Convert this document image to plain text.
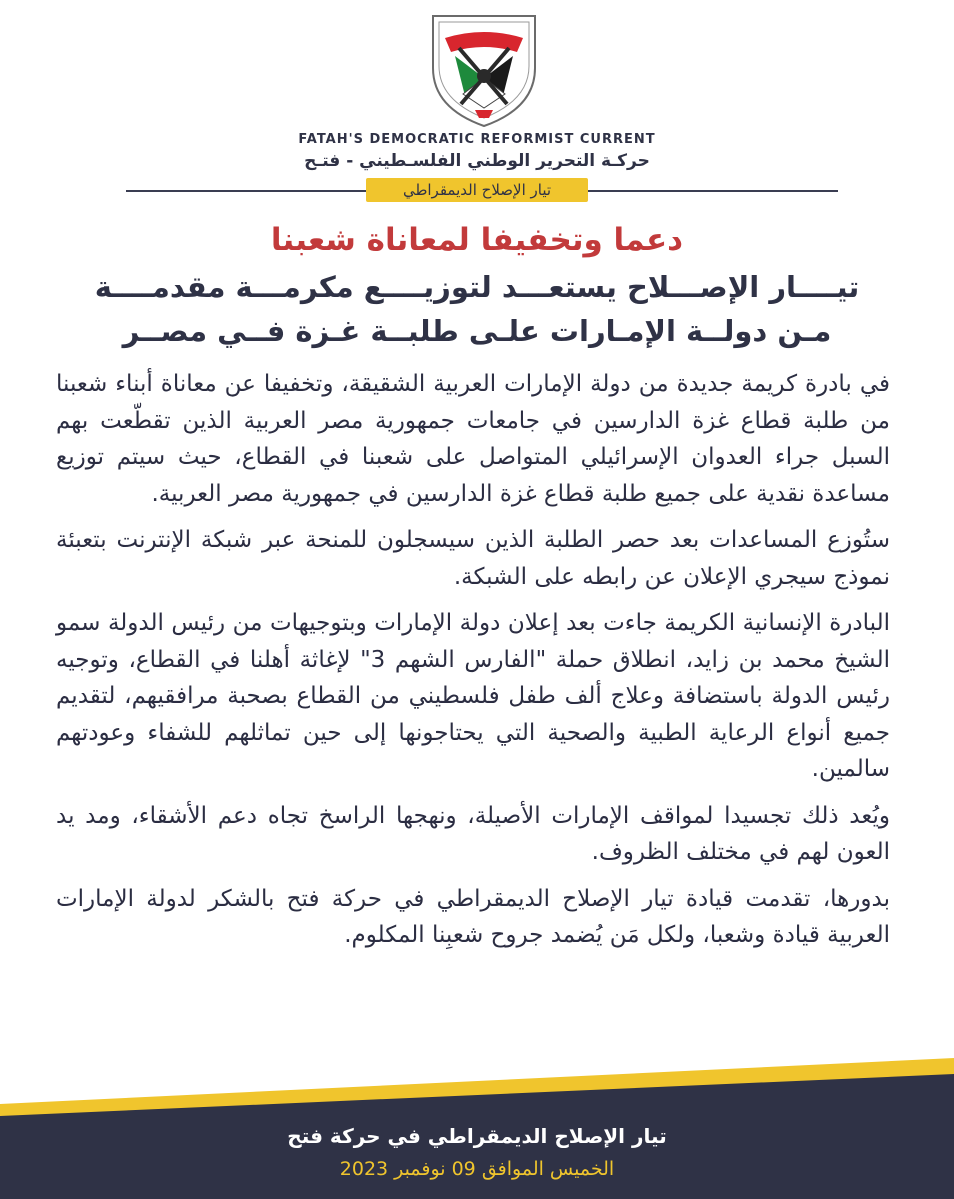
FATAH'S DEMOCRATIC REFORMIST CURRENT
حركـة التحرير الوطني الفلسـطيني - فتـح
تيار الإصلاح الديمقراطي
دعما وتخفيفا لمعاناة شعبنا
تيــــار الإصـــلاح يستعـــد لتوزيــــع مكرمـــة مقدمــــة
مـن دولــة الإمـارات علـى طلبــة غـزة فــي مصــر

في بادرة كريمة جديدة من دولة الإمارات العربية الشقيقة، وتخفيفا عن معاناة أبناء شعبنا من طلبة قطاع غزة الدارسين في جامعات جمهورية مصر العربية الذين تقطّعت بهم السبل جراء العدوان الإسرائيلي المتواصل على شعبنا في القطاع، حيث سيتم توزيع مساعدة نقدية على جميع طلبة قطاع غزة الدارسين في جمهورية مصر العربية.

ستُوزع المساعدات بعد حصر الطلبة الذين سيسجلون للمنحة عبر شبكة الإنترنت بتعبئة نموذج سيجري الإعلان عن رابطه على الشبكة.

البادرة الإنسانية الكريمة جاءت بعد إعلان دولة الإمارات وبتوجيهات من رئيس الدولة سمو الشيخ محمد بن زايد، انطلاق حملة "الفارس الشهم 3" لإغاثة أهلنا في القطاع، وتوجيه رئيس الدولة باستضافة وعلاج ألف طفل فلسطيني من القطاع بصحبة مرافقيهم، لتقديم جميع أنواع الرعاية الطبية والصحية التي يحتاجونها إلى حين تماثلهم للشفاء وعودتهم سالمين.

ويُعد ذلك تجسيدا لمواقف الإمارات الأصيلة، ونهجها الراسخ تجاه دعم الأشقاء، ومد يد العون لهم في مختلف الظروف.

بدورها، تقدمت قيادة تيار الإصلاح الديمقراطي في حركة فتح بالشكر لدولة الإمارات العربية قيادة وشعبا، ولكل مَن يُضمد جروح شعبِنا المكلوم.

تيار الإصلاح الديمقراطي في حركة فتح
الخميس الموافق 09 نوفمبر 2023
